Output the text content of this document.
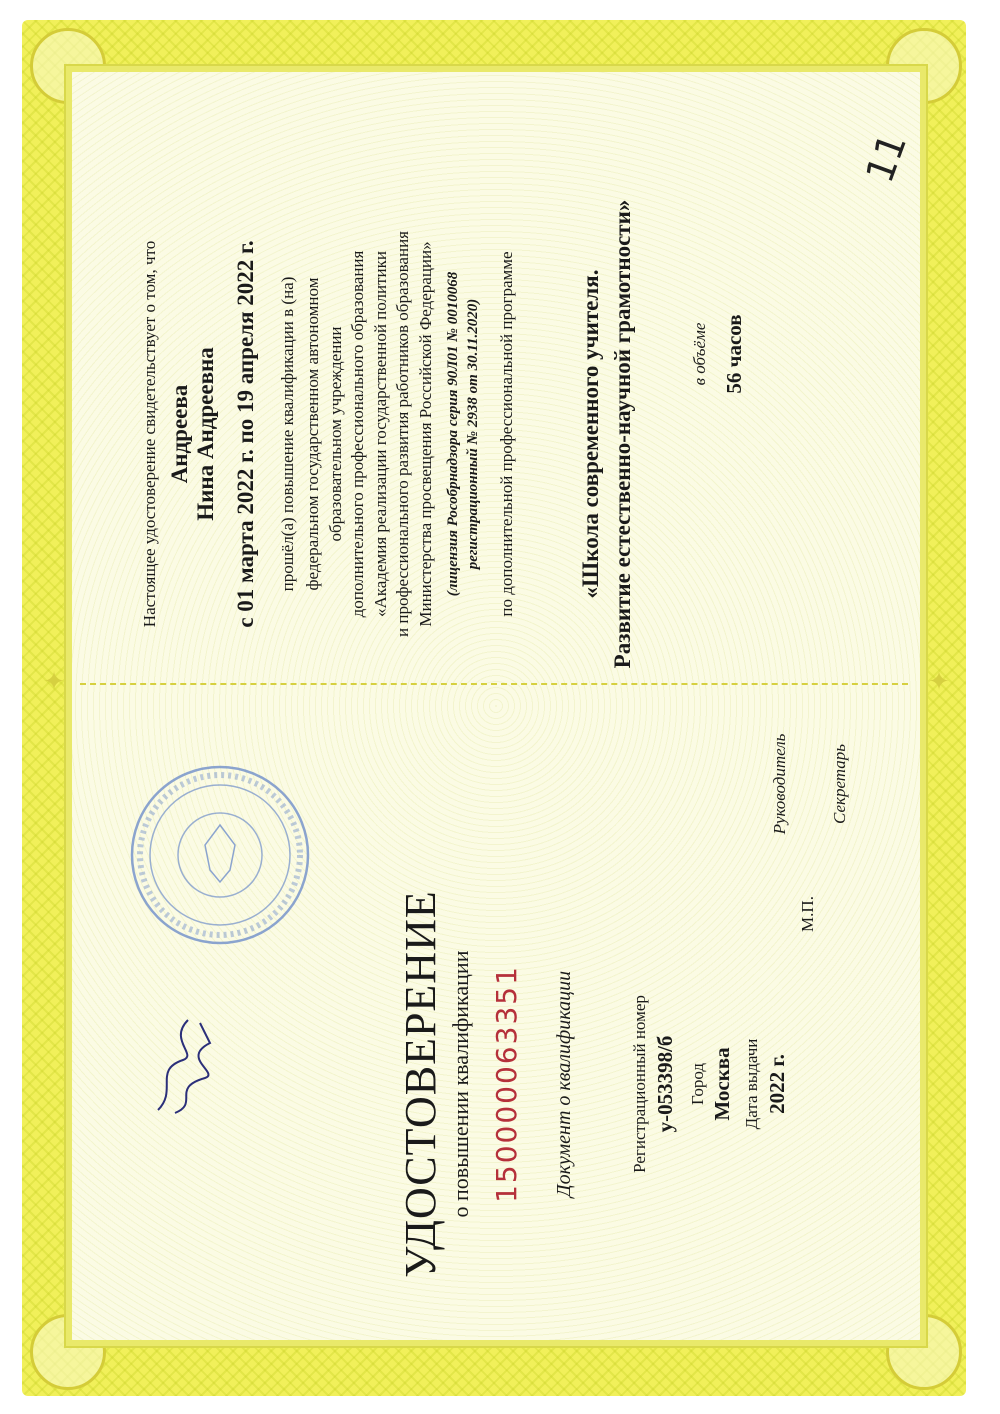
✦
✦
11
УДОСТОВЕРЕНИЕ о повышении квалификации 150000063351 Документ о квалификации	Регистрационный номер у-053398/б Город Москва Дата выдачи 2022 г.
Настоящее удостоверение свидетельствует о том, что Андреева Нина Андреевна с 01 марта 2022 г. по 19 апреля 2022 г. прошёл(а) повышение квалификации в (на) федеральном государственном автономном образовательном учреждении дополнительного профессионального образования «Академия реализации государственной политики и профессионального развития работников образования Министерства просвещения Российской Федерации» (лицензия Рособрнадзора серия 90Л01 № 0010068 регистрационный № 2938 от 30.11.2020) по дополнительной профессиональной программе	«Школа современного учителя. Развитие естественно-научной грамотности»	в объёме 56 часов
М.П.
Руководитель Секретарь
